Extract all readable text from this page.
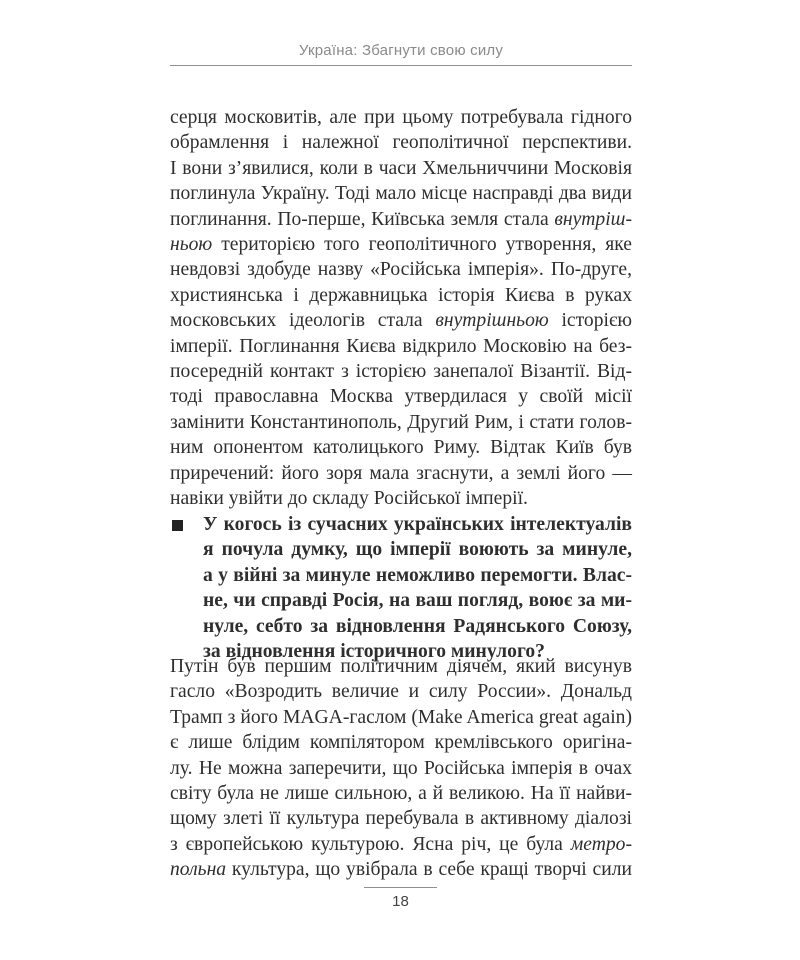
Україна: Збагнути свою силу
серця московитів, але при цьому потребувала гідного
обрамлення і належної геополітичної перспективи.
І вони з’явилися, коли в часи Хмельниччини Московія
поглинула Україну. Тоді мало місце насправді два види
поглинання. По-перше, Київська земля стала внутріш-
ньою територією того геополітичного утворення, яке
невдовзі здобуде назву «Російська імперія». По-друге,
християнська і державницька історія Києва в руках
московських ідеологів стала внутрішньою історією
імперії. Поглинання Києва відкрило Московію на без-
посередній контакт з історією занепалої Візантії. Від-
тоді православна Москва утвердилася у своїй місії
замінити Константинополь, Другий Рим, і стати голов-
ним опонентом католицького Риму. Відтак Київ був
приречений: його зоря мала згаснути, а землі його —
навіки увійти до складу Російської імперії.
У когось із сучасних українських інтелектуалів
я почула думку, що імперії воюють за минуле,
а у війні за минуле неможливо перемогти. Влас-
не, чи справді Росія, на ваш погляд, воює за ми-
нуле, себто за відновлення Радянського Союзу,
за відновлення історичного минулого?
Путін був першим політичним діячем, який висунув
гасло «Возродить величие и силу России». Дональд
Трамп з його MAGA-гаслом (Make America great again)
є лише блідим компілятором кремлівського оригіна-
лу. Не можна заперечити, що Російська імперія в очах
світу була не лише сильною, а й великою. На її найви-
щому злеті її культура перебувала в активному діалозі
з європейською культурою. Ясна річ, це була метро-
польна культура, що увібрала в себе кращі творчі сили
18
